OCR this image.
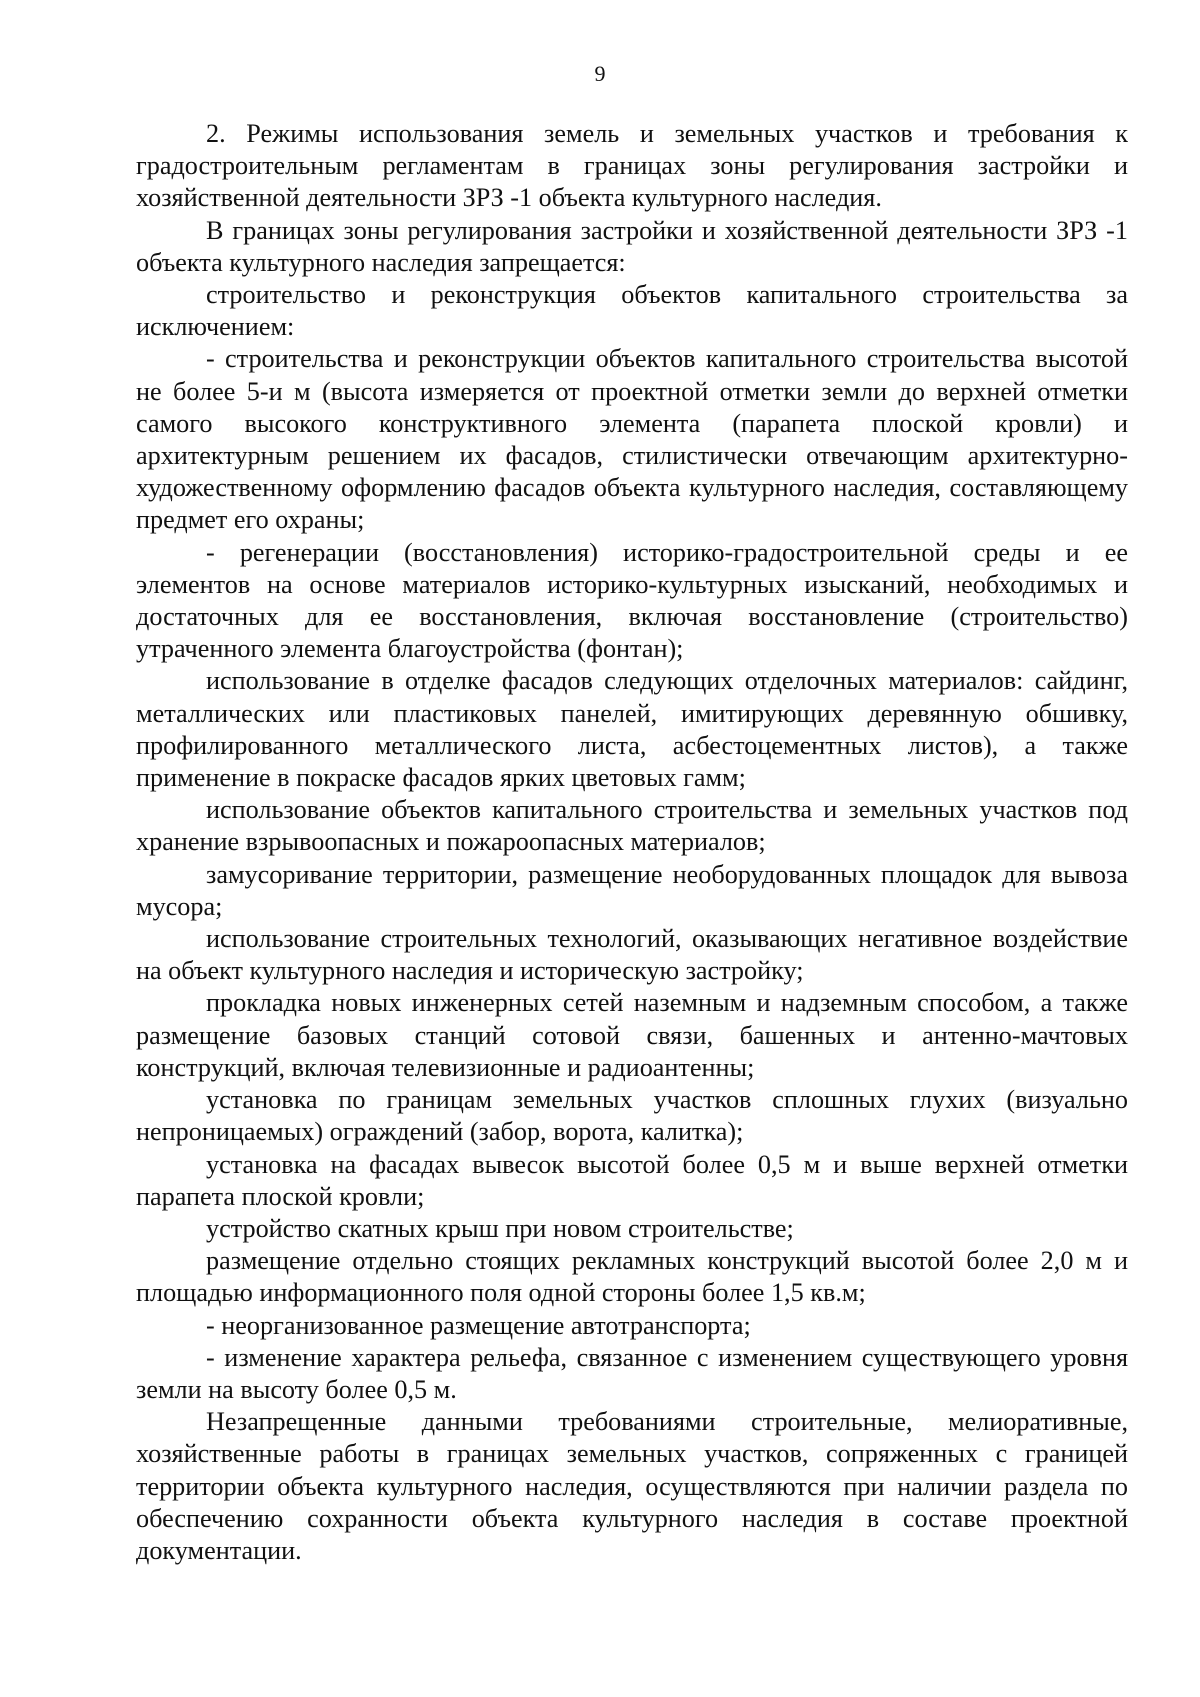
9

2. Режимы использования земель и земельных участков и требования к градостроительным регламентам в границах зоны регулирования застройки и хозяйственной деятельности ЗРЗ -1 объекта культурного наследия.

В границах зоны регулирования застройки и хозяйственной деятельности ЗРЗ -1 объекта культурного наследия запрещается:

строительство и реконструкция объектов капитального строительства за исключением:

- строительства и реконструкции объектов капитального строительства высотой не более 5-и м (высота измеряется от проектной отметки земли до верхней отметки самого высокого конструктивного элемента (парапета плоской кровли) и архитектурным решением их фасадов, стилистически отвечающим архитектурно-художественному оформлению фасадов объекта культурного наследия, составляющему предмет его охраны;

- регенерации (восстановления) историко-градостроительной среды и ее элементов на основе материалов историко-культурных изысканий, необходимых и достаточных для ее восстановления, включая восстановление (строительство) утраченного элемента благоустройства (фонтан);

использование в отделке фасадов следующих отделочных материалов: сайдинг, металлических или пластиковых панелей, имитирующих деревянную обшивку, профилированного металлического листа, асбестоцементных листов), а также применение в покраске фасадов ярких цветовых гамм;

использование объектов капитального строительства и земельных участков под хранение взрывоопасных и пожароопасных материалов;

замусоривание территории, размещение необорудованных площадок для вывоза мусора;

использование строительных технологий, оказывающих негативное воздействие на объект культурного наследия и историческую застройку;

прокладка новых инженерных сетей наземным и надземным способом, а также размещение базовых станций сотовой связи, башенных и антенно-мачтовых конструкций, включая телевизионные и радиоантенны;

установка по границам земельных участков сплошных глухих (визуально непроницаемых) ограждений (забор, ворота, калитка);

установка на фасадах вывесок высотой более 0,5 м и выше верхней отметки парапета плоской кровли;

устройство скатных крыш при новом строительстве;

размещение отдельно стоящих рекламных конструкций высотой более 2,0 м и площадью информационного поля одной стороны более 1,5 кв.м;

- неорганизованное размещение автотранспорта;

- изменение характера рельефа, связанное с изменением существующего уровня земли на высоту более 0,5 м.

Незапрещенные данными требованиями строительные, мелиоративные, хозяйственные работы в границах земельных участков, сопряженных с границей территории объекта культурного наследия, осуществляются при наличии раздела по обеспечению сохранности объекта культурного наследия в составе проектной документации.
